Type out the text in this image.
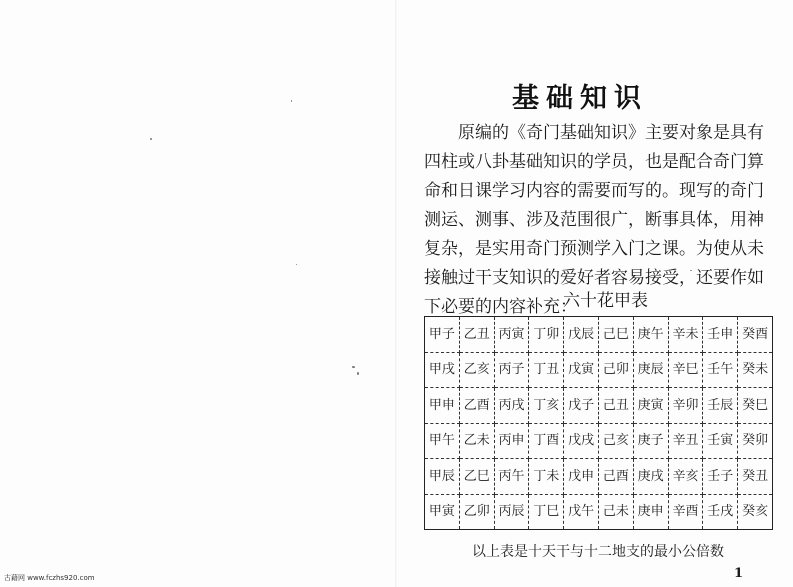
基础知识
原编的《奇门基础知识》主要对象是具有
四柱或八卦基础知识的学员，也是配合奇门算
命和日课学习内容的需要而写的。现写的奇门
测运、测事、涉及范围很广，断事具体，用神
复杂，是实用奇门预测学入门之课。为使从未
接触过干支知识的爱好者容易接受，还要作如
下必要的内容补充：
六十花甲表
甲子	乙丑	丙寅	丁卯	戊辰	己巳	庚午	辛未	壬申	癸酉
甲戌	乙亥	丙子	丁丑	戊寅	己卯	庚辰	辛巳	壬午	癸未
甲申	乙酉	丙戌	丁亥	戊子	己丑	庚寅	辛卯	壬辰	癸巳
甲午	乙未	丙申	丁酉	戊戌	己亥	庚子	辛丑	壬寅	癸卯
甲辰	乙巳	丙午	丁未	戊申	己酉	庚戌	辛亥	壬子	癸丑
甲寅	乙卯	丙辰	丁巳	戊午	己未	庚申	辛酉	壬戌	癸亥
以上表是十天干与十二地支的最小公倍数
1
古藉网 www.fczhs920.com
